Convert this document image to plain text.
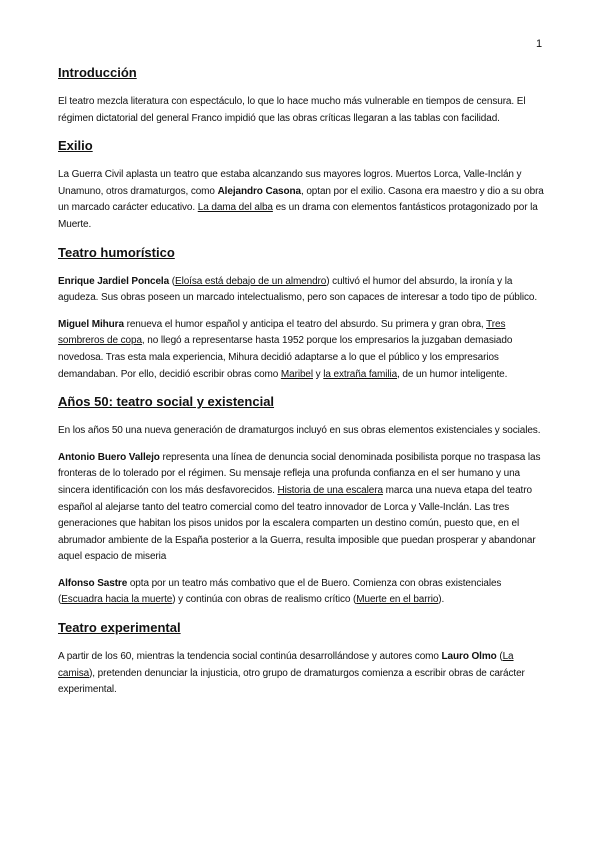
1
Introducción

El teatro mezcla literatura con espectáculo, lo que lo hace mucho más vulnerable en tiempos de censura. El régimen dictatorial del general Franco impidió que las obras críticas llegaran a las tablas con facilidad.

Exilio

La Guerra Civil aplasta un teatro que estaba alcanzando sus mayores logros. Muertos Lorca, Valle-Inclán y Unamuno, otros dramaturgos, como Alejandro Casona, optan por el exilio. Casona era maestro y dio a su obra un marcado carácter educativo. La dama del alba es un drama con elementos fantásticos protagonizado por la Muerte.

Teatro humorístico

Enrique Jardiel Poncela (Eloísa está debajo de un almendro) cultivó el humor del absurdo, la ironía y la agudeza. Sus obras poseen un marcado intelectualismo, pero son capaces de interesar a todo tipo de público.

Miguel Mihura renueva el humor español y anticipa el teatro del absurdo. Su primera y gran obra, Tres sombreros de copa, no llegó a representarse hasta 1952 porque los empresarios la juzgaban demasiado novedosa. Tras esta mala experiencia, Mihura decidió adaptarse a lo que el público y los empresarios demandaban. Por ello, decidió escribir obras como Maribel y la extraña familia, de un humor inteligente.

Años 50: teatro social y existencial

En los años 50 una nueva generación de dramaturgos incluyó en sus obras elementos existenciales y sociales.

Antonio Buero Vallejo representa una línea de denuncia social denominada posibilista porque no traspasa las fronteras de lo tolerado por el régimen. Su mensaje refleja una profunda confianza en el ser humano y una sincera identificación con los más desfavorecidos. Historia de una escalera marca una nueva etapa del teatro español al alejarse tanto del teatro comercial como del teatro innovador de Lorca y Valle-Inclán. Las tres generaciones que habitan los pisos unidos por la escalera comparten un destino común, puesto que, en el abrumador ambiente de la España posterior a la Guerra, resulta imposible que puedan prosperar y abandonar aquel espacio de miseria

Alfonso Sastre opta por un teatro más combativo que el de Buero. Comienza con obras existenciales (Escuadra hacia la muerte) y continúa con obras de realismo crítico (Muerte en el barrio).

Teatro experimental

A partir de los 60, mientras la tendencia social continúa desarrollándose y autores como Lauro Olmo (La camisa), pretenden denunciar la injusticia, otro grupo de dramaturgos comienza a escribir obras de carácter experimental.
